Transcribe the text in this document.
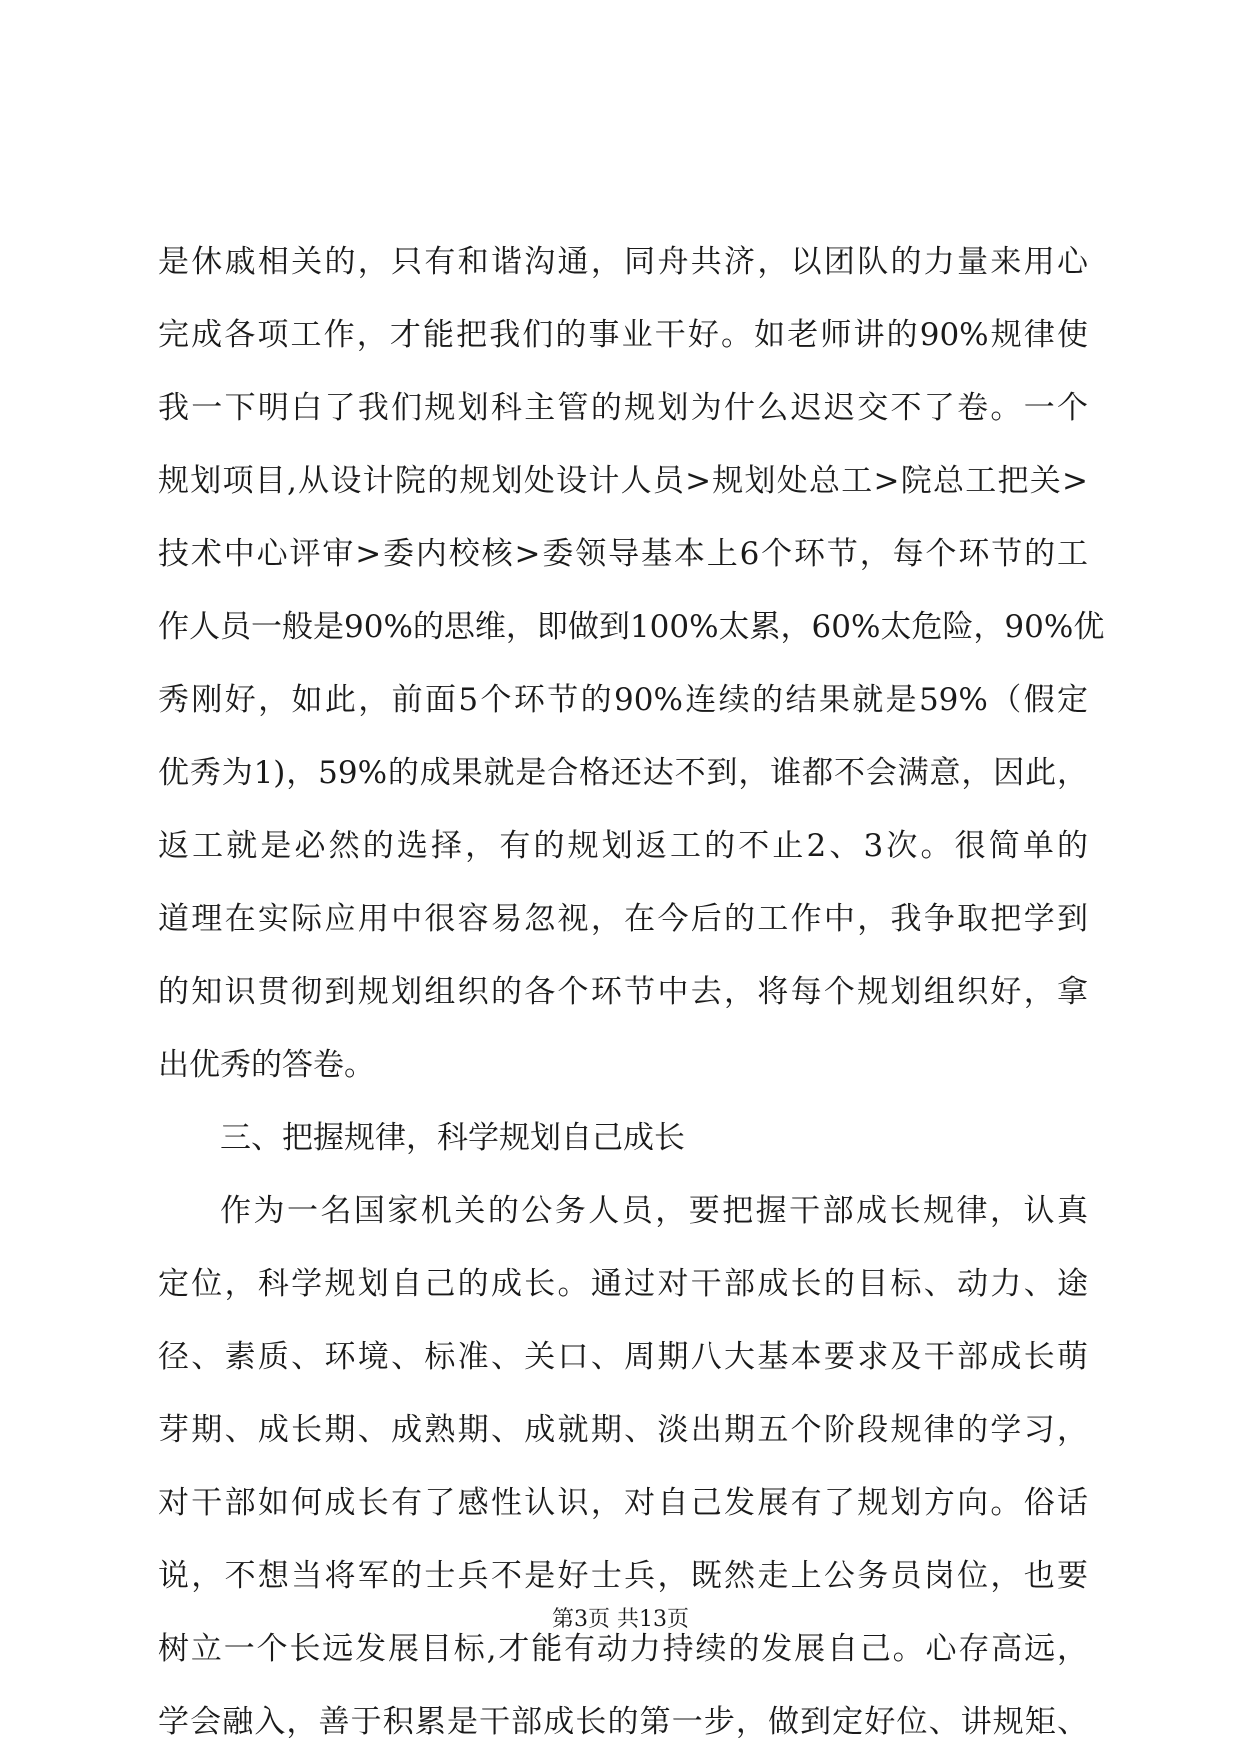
是休戚相关的，只有和谐沟通，同舟共济，以团队的力量来用心
完成各项工作，才能把我们的事业干好。如老师讲的90%规律使
我一下明白了我们规划科主管的规划为什么迟迟交不了卷。一个
规划项目,从设计院的规划处设计人员>规划处总工>院总工把关>
技术中心评审>委内校核>委领导基本上6个环节，每个环节的工
作人员一般是90%的思维，即做到100%太累，60%太危险，90%优
秀刚好，如此，前面5个环节的90%连续的结果就是59%（假定
优秀为1)，59%的成果就是合格还达不到，谁都不会满意，因此，
返工就是必然的选择，有的规划返工的不止2、3次。很简单的
道理在实际应用中很容易忽视，在今后的工作中，我争取把学到
的知识贯彻到规划组织的各个环节中去，将每个规划组织好，拿
出优秀的答卷。
三、把握规律，科学规划自己成长
作为一名国家机关的公务人员，要把握干部成长规律，认真
定位，科学规划自己的成长。通过对干部成长的目标、动力、途
径、素质、环境、标准、关口、周期八大基本要求及干部成长萌
芽期、成长期、成熟期、成就期、淡出期五个阶段规律的学习，
对干部如何成长有了感性认识，对自己发展有了规划方向。俗话
说，不想当将军的士兵不是好士兵，既然走上公务员岗位，也要
树立一个长远发展目标,才能有动力持续的发展自己。心存高远，
学会融入，善于积累是干部成长的第一步，做到定好位、讲规矩、
第3页 共13页
